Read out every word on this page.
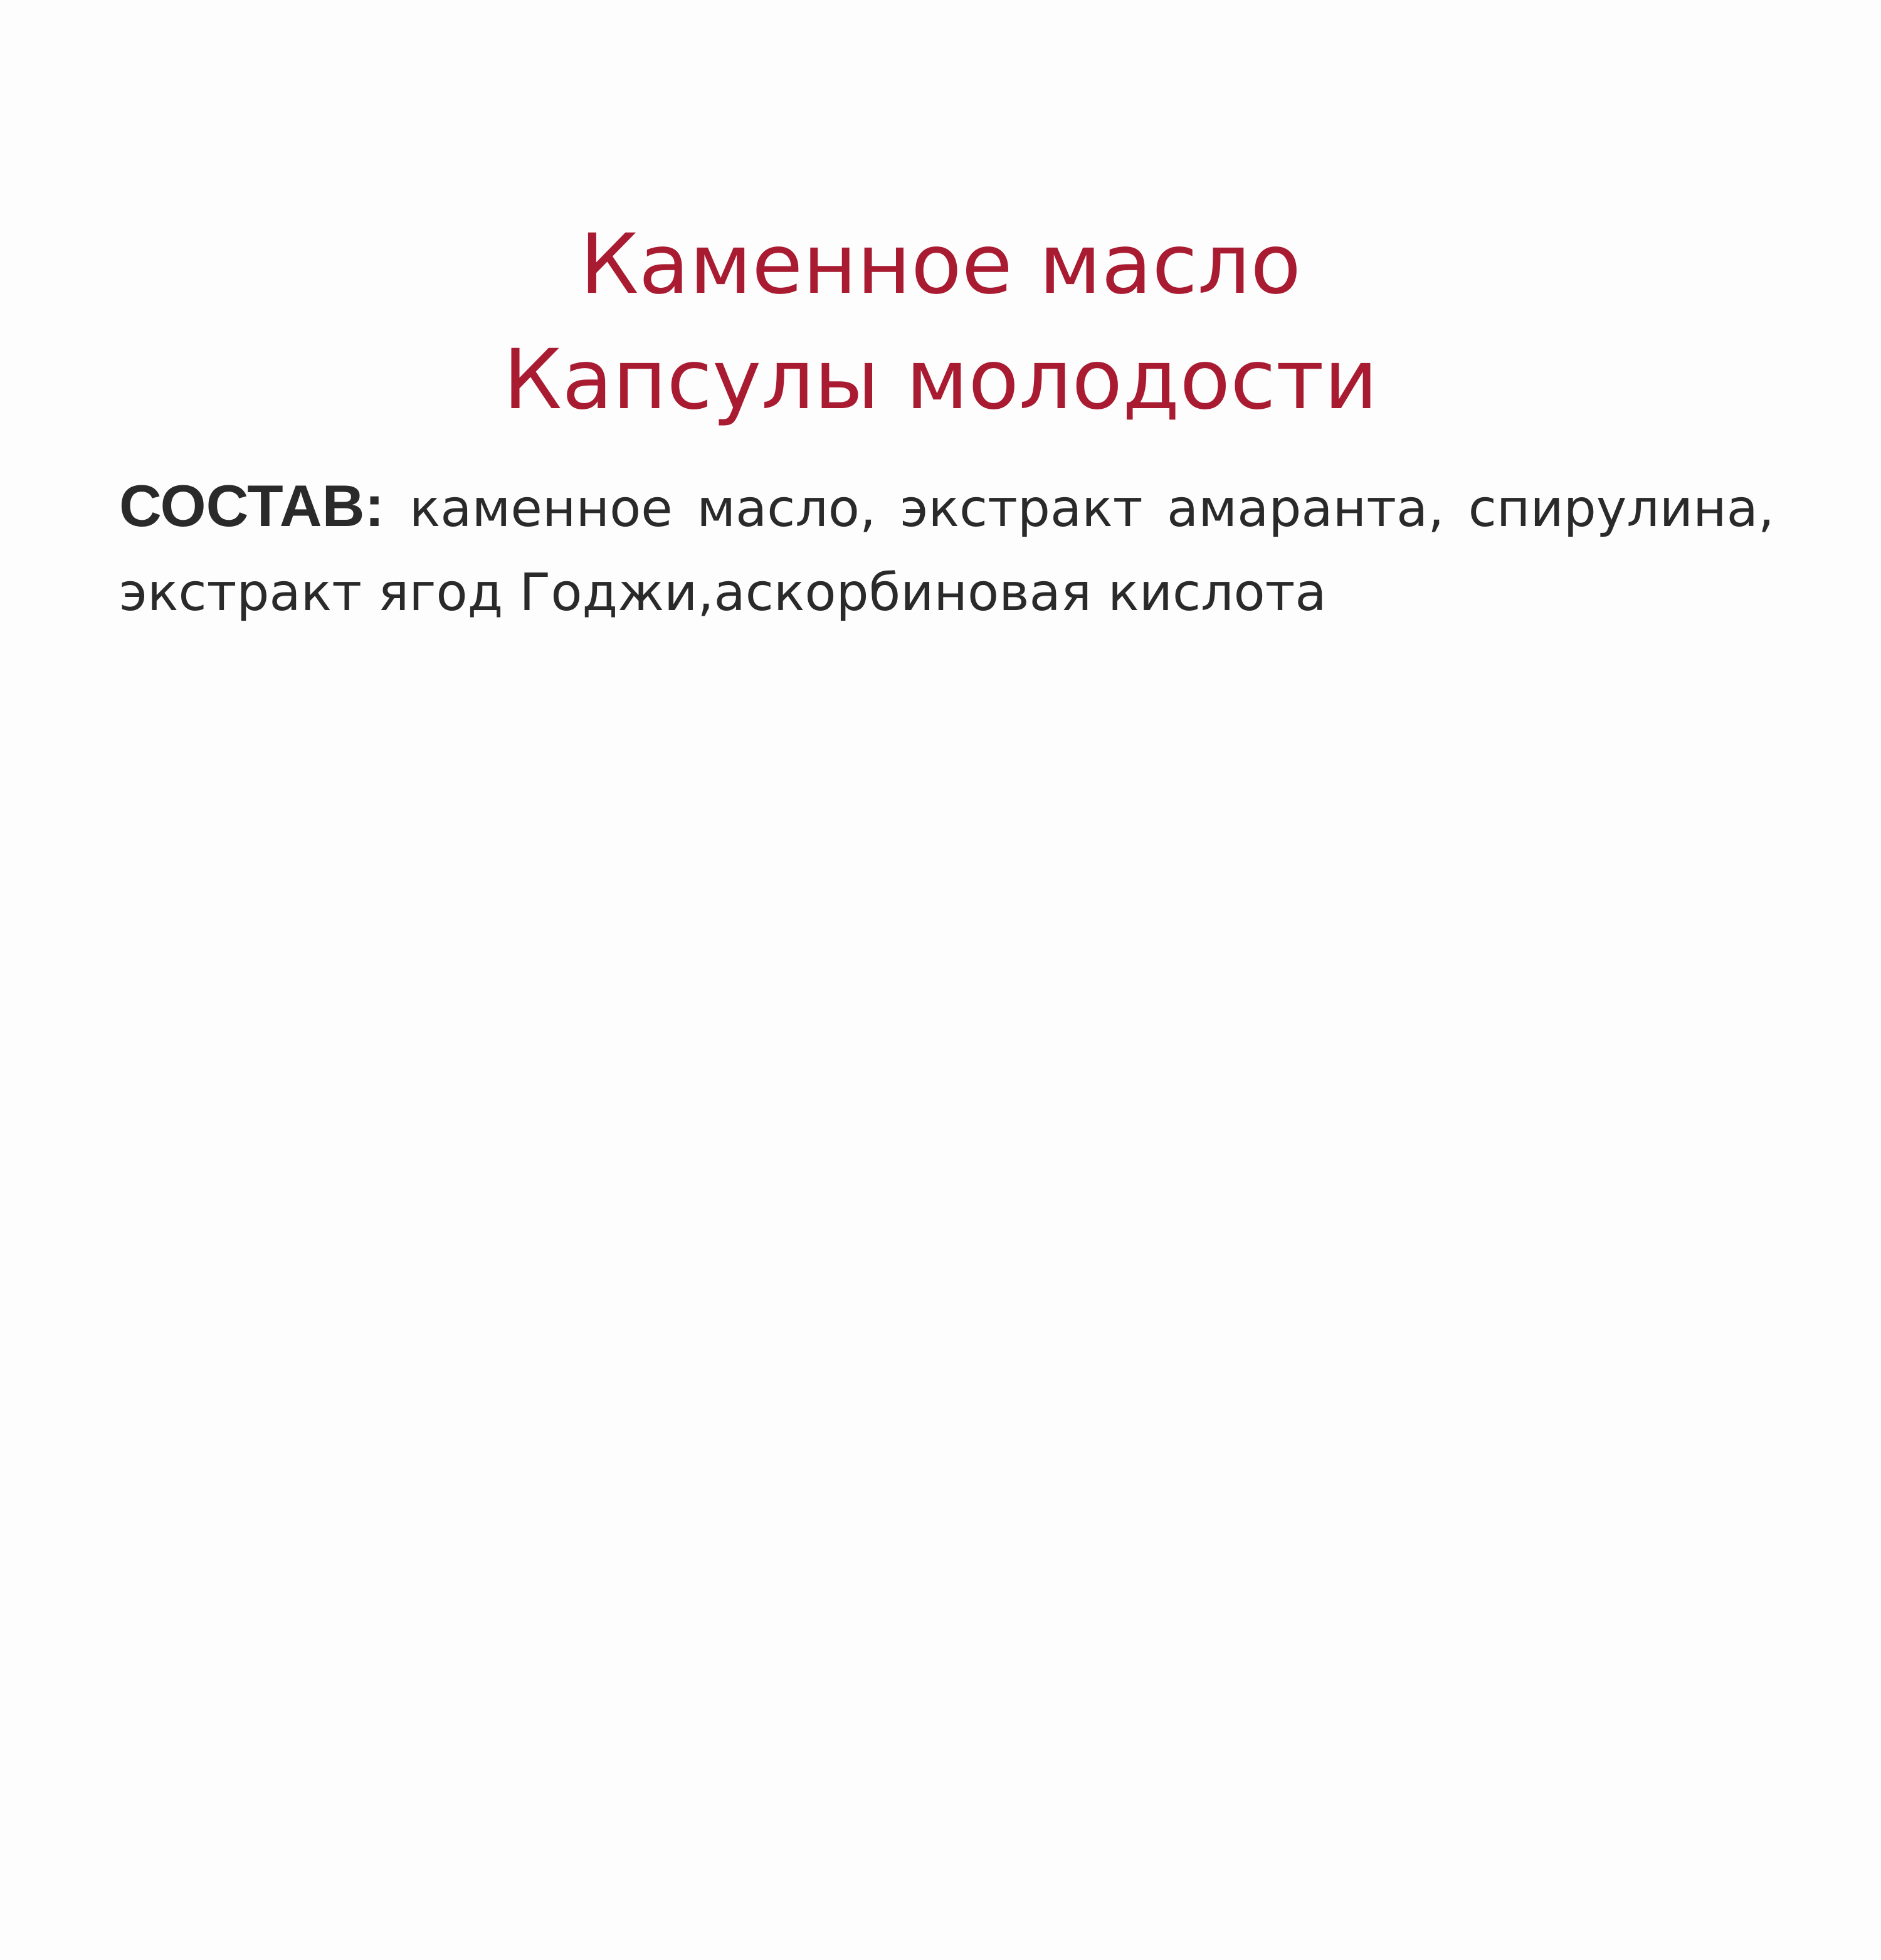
Каменное масло
Капсулы молодости
СОСТАВ: каменное масло, экстракт амаранта, спирулина, экстракт ягод Годжи,аскорбиновая кислота
